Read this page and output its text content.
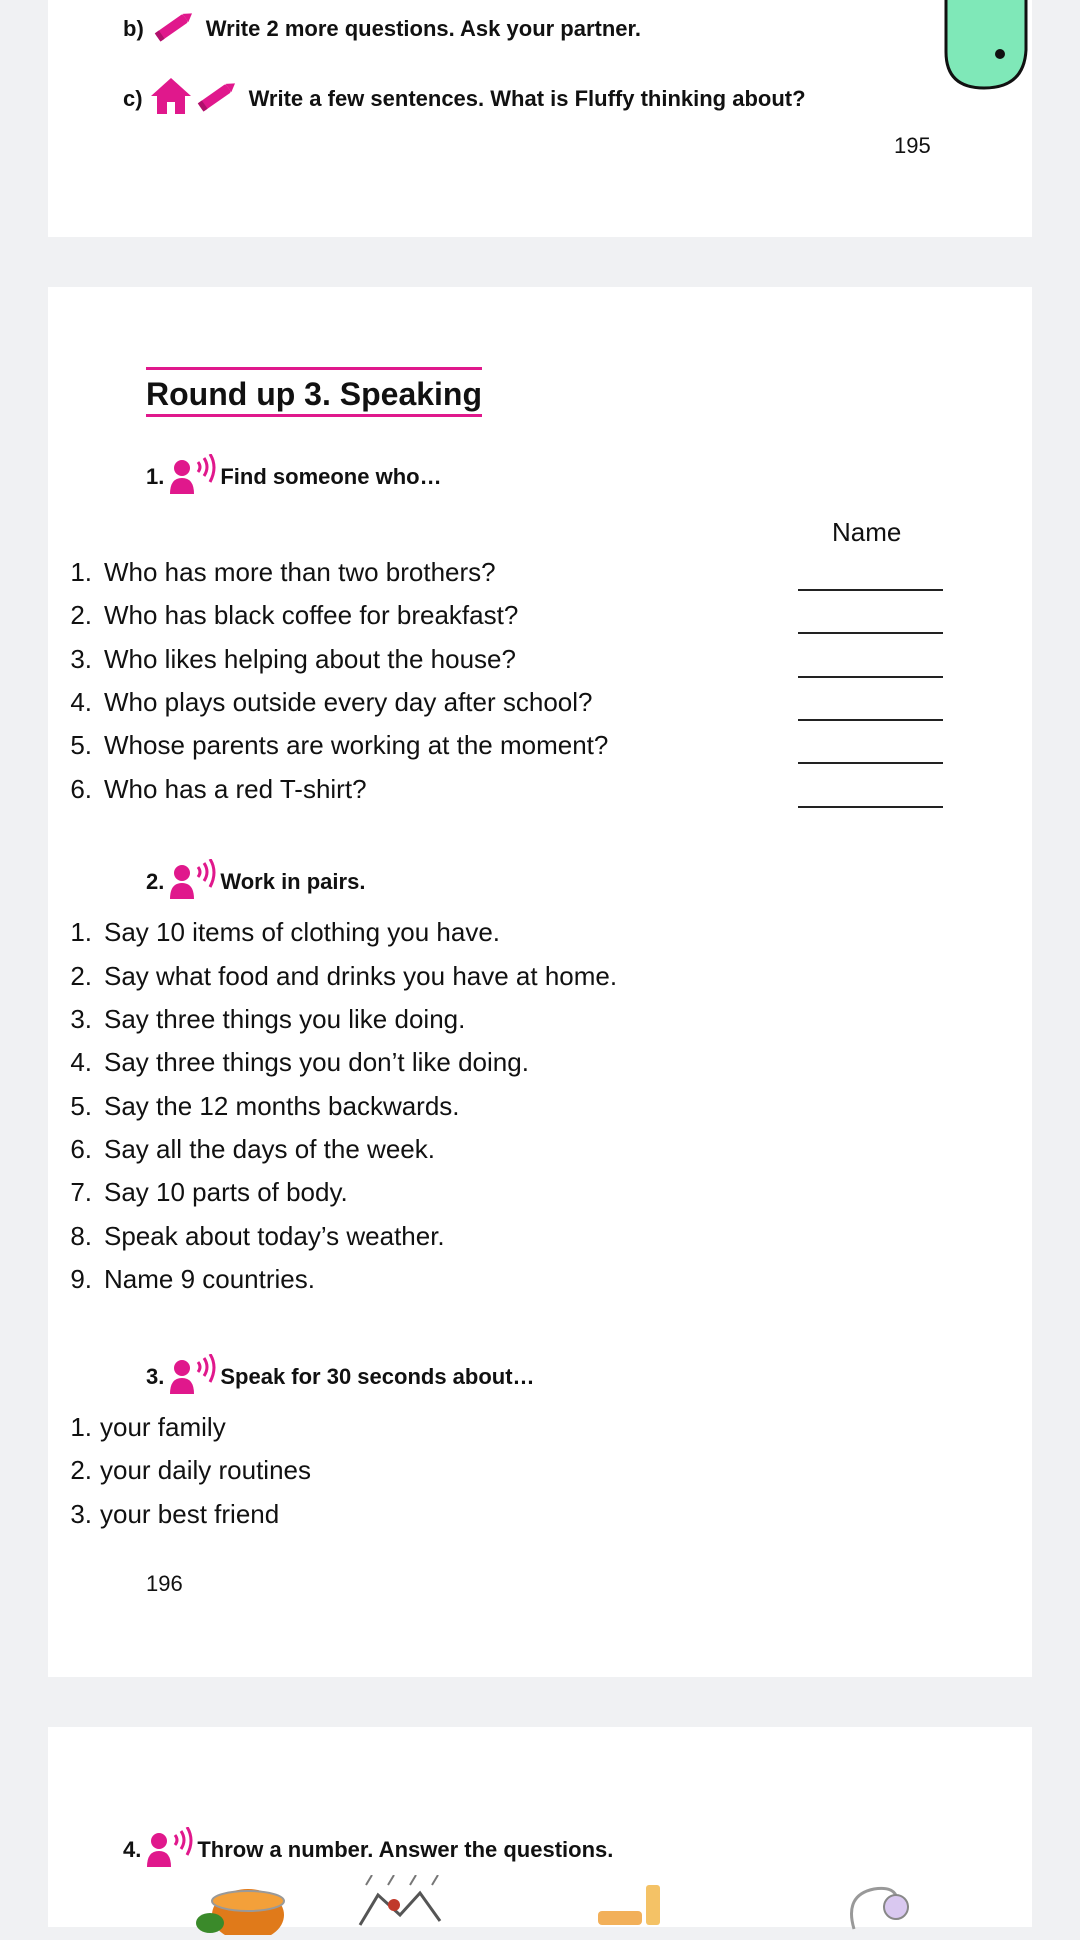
b)	Write 2 more questions. Ask your partner.
c)	Write a few sentences. What is Fluffy thinking about?
195
Round up 3. Speaking
1.	Find someone who…
Name
1. Who has more than two brothers?
2. Who has black coffee for breakfast?
3. Who likes helping about the house?
4. Who plays outside every day after school?
5. Whose parents are working at the moment?
6. Who has a red T-shirt?
2.	Work in pairs.
1. Say 10 items of clothing you have.
2. Say what food and drinks you have at home.
3. Say three things you like doing.
4. Say three things you don’t like doing.
5. Say the 12 months backwards.
6. Say all the days of the week.
7. Say 10 parts of body.
8. Speak about today’s weather.
9. Name 9 countries.
3.	Speak for 30 seconds about…
1. your family
2. your daily routines
3. your best friend
196
4.	Throw a number. Answer the questions.
